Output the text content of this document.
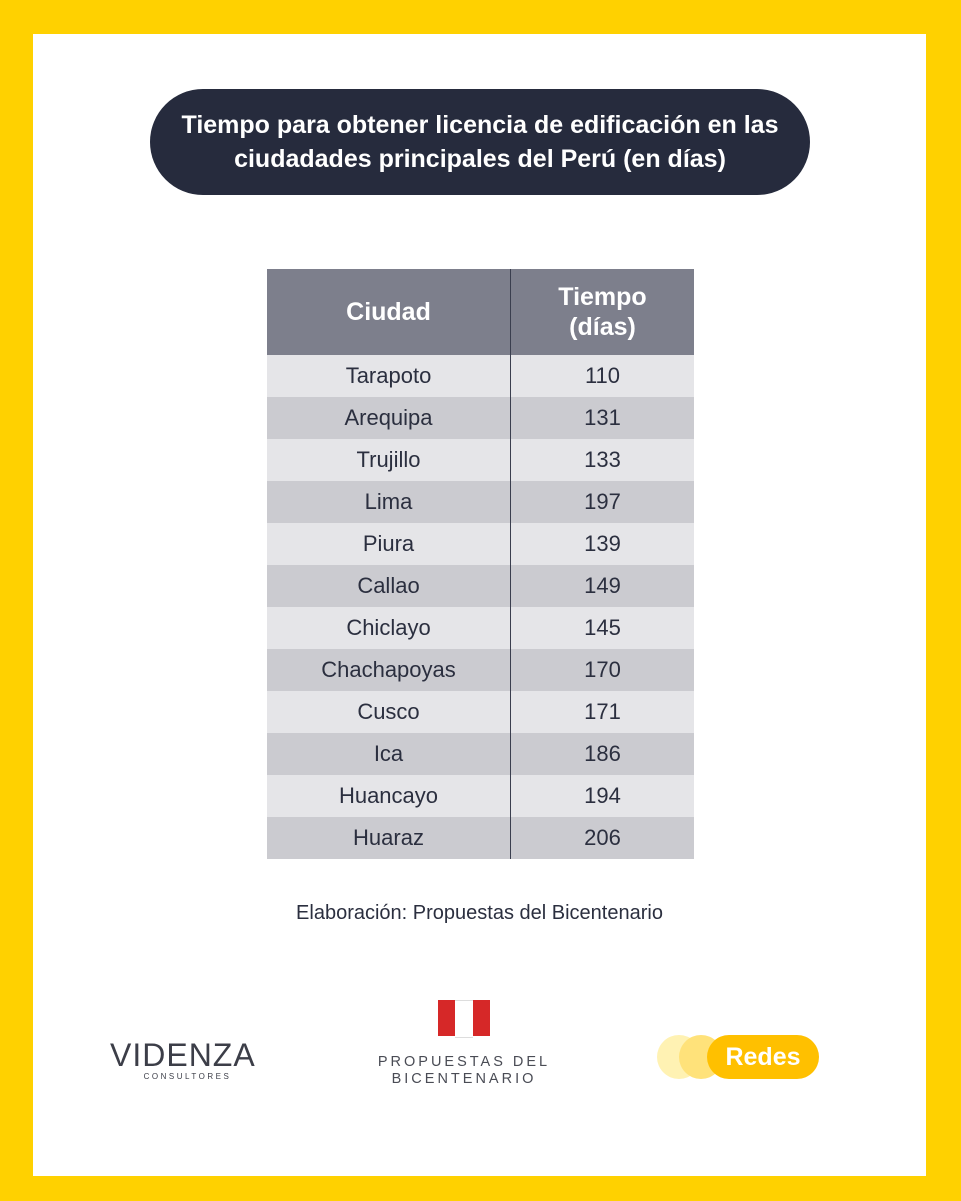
Tiempo para obtener licencia de edificación en las ciudadades principales del Perú (en días)
Ciudad	Tiempo (días)

Tarapoto	110
Arequipa	131
Trujillo	133
Lima	197
Piura	139
Callao	149
Chiclayo	145
Chachapoyas	170
Cusco	171
Ica	186
Huancayo	194
Huaraz	206
Elaboración: Propuestas del Bicentenario
VIDENZA
CONSULTORES
PROPUESTAS DEL
BICENTENARIO
Redes
